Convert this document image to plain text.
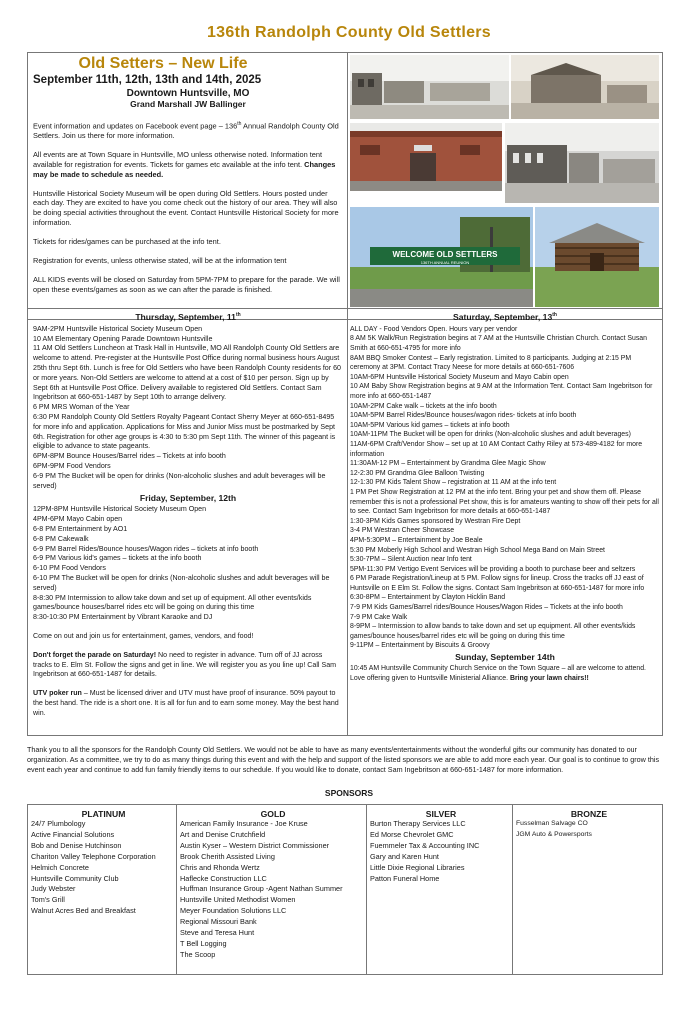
136th Randolph County Old Settlers
Old Setters – New Life
September 11th, 12th, 13th and 14th, 2025
Downtown Huntsville, MO
Grand Marshall JW Ballinger

Event information and updates on Facebook event page – 136th Annual Randolph County Old Settlers. Join us there for more information.

All events are at Town Square in Huntsville, MO unless otherwise noted. Information tent available for registration for events. Tickets for games etc available at the info tent. Changes may be made to schedule as needed.

Huntsville Historical Society Museum will be open during Old Settlers. Hours posted under each day. They are excited to have you come check out the history of our area. They will also be doing special activities throughout the event. Contact Huntsville Historical Society for more information.

Tickets for rides/games can be purchased at the info tent.

Registration for events, unless otherwise stated, will be at the information tent

ALL KIDS events will be closed on Saturday from 5PM-7PM to prepare for the parade. We will open these events/games as soon as we can after the parade is finished.

WELCOME OLD SETTLERS
136TH ANNUAL REUNION
Thursday, September, 11th

9AM-2PM Huntsville Historical Society Museum Open

10 AM Elementary Opening Parade Downtown Huntsville

11 AM Old Settlers Luncheon at Trask Hall in Huntsville, MO All Randolph County Old Settlers are welcome to attend. Pre-register at the Huntsville Post Office during normal business hours August 25th thru Sept 6th. Lunch is free for Old Settlers who have been Randolph County residents for 60 or more years. Non-Old Settlers are welcome to attend at a cost of $10 per person. Sign up by Sept 6th at Huntsville Post Office. Delivery available to registered Old Settlers. Contact Sam Ingebritson at 660-651-1487 by Sept 10th to arrange delivery.

6 PM MRS Woman of the Year

6:30 PM Randolph County Old Settlers Royalty Pageant Contact Sherry Meyer at 660-651-8495 for more info and application. Applications for Miss and Junior Miss must be postmarked by Sept 6th. Registration for other age groups is 4:30 to 5:30 pm Sept 11th. The winner of this pageant is eligible to advance to state pageants.

6PM-8PM Bounce Houses/Barrel rides – Tickets at info booth

6PM-9PM Food Vendors

6-9 PM The Bucket will be open for drinks (Non-alcoholic slushes and adult beverages will be served)

Friday, September, 12th

12PM-8PM Huntsville Historical Society Museum Open

4PM-6PM Mayo Cabin open

6-8 PM Entertainment by AO1

6-8 PM Cakewalk

6-9 PM Barrel Rides/Bounce houses/Wagon rides – tickets at info booth

6-9 PM Various kid's games – tickets at the info booth

6-10 PM Food Vendors

6-10 PM The Bucket will be open for drinks (Non-alcoholic slushes and adult beverages will be served)

8-8:30 PM Intermission to allow take down and set up of equipment. All other events/kids games/bounce houses/barrel rides etc will be going on during this time

8:30-10:30 PM Entertainment by Vibrant Karaoke and DJ

Come on out and join us for entertainment, games, vendors, and food!

Don't forget the parade on Saturday! No need to register in advance. Turn off of JJ across tracks to E. Elm St. Follow the signs and get in line. We will register you as you line up! Call Sam Ingebritson at 660-651-1487 for details.

UTV poker run – Must be licensed driver and UTV must have proof of insurance. 50% payout to the best hand. The ride is a short one. It is all for fun and to earn some money. May the best hand win.

Saturday, September, 13th

ALL DAY - Food Vendors Open. Hours vary per vendor

8 AM 5K Walk/Run Registration begins at 7 AM at the Huntsville Christian Church. Contact Susan Smith at 660-651-4795 for more info

8AM BBQ Smoker Contest – Early registration. Limited to 8 participants. Judging at 2:15 PM ceremony at 3PM. Contact Tracy Neese for more details at 660-651-7606

10AM-6PM Huntsville Historical Society Museum and Mayo Cabin open

10 AM Baby Show Registration begins at 9 AM at the Information Tent. Contact Sam Ingebritson for more info at 660-651-1487

10AM-2PM Cake walk – tickets at the info booth

10AM-5PM Barrel Rides/Bounce houses/wagon rides- tickets at info booth

10AM-5PM Various kid games – tickets at info booth

10AM-11PM The Bucket will be open for drinks (Non-alcoholic slushes and adult beverages)

11AM-6PM Craft/Vendor Show – set up at 10 AM Contact Cathy Riley at 573-489-4182 for more information

11:30AM-12 PM – Entertainment by Grandma Glee Magic Show

12-2:30 PM Grandma Glee Balloon Twisting

12-1:30 PM Kids Talent Show – registration at 11 AM at the info tent

1 PM Pet Show Registration at 12 PM at the info tent. Bring your pet and show them off. Please remember this is not a professional Pet show, this is for amateurs wanting to show off their pets for all to see. Contact Sam Ingebritson for more details at 660-651-1487

1:30-3PM Kids Games sponsored by Westran Fire Dept

3-4 PM Westran Cheer Showcase

4PM-5:30PM – Entertainment by Joe Beale

5:30 PM Moberly High School and Westran High School Mega Band on Main Street

5:30-7PM – Silent Auction near Info tent

5PM-11:30 PM Vertigo Event Services will be providing a booth to purchase beer and seltzers

6 PM Parade Registration/Lineup at 5 PM. Follow signs for lineup. Cross the tracks off JJ east of Huntsville on E Elm St. Follow the signs. Contact Sam Ingebritson at 660-651-1487 for more info

6:30-8PM – Entertainment by Clayton Hicklin Band

7-9 PM Kids Games/Barrel rides/Bounce Houses/Wagon Rides – Tickets at the info booth

7-9 PM Cake Walk

8-9PM – Intermission to allow bands to take down and set up equipment. All other events/kids games/bounce houses/barrel rides etc will be going on during this time

9-11PM – Entertainment by Biscuits & Groovy

Sunday, September 14th

10:45 AM Huntsville Community Church Service on the Town Square – all are welcome to attend. Love offering given to Huntsville Ministerial Alliance. Bring your lawn chairs!!

Thank you to all the sponsors for the Randolph County Old Settlers. We would not be able to have as many events/entertainments without the wonderful gifts our community has donated to our organization. As a committee, we try to do as many things during this event and with the help and support of the listed sponsors we are able to add more each year. Our goal is to continue to grow this event each year and continue to add fun family friendly items to our schedule. If you would like to donate, contact Sam Ingebritson at 660-651-1487 for more information.
SPONSORS
PLATINUM
24/7 Plumbology
Active Financial Solutions
Bob and Denise Hutchinson
Chariton Valley Telephone Corporation
Helmich Concrete
Huntsville Community Club
Judy Webster
Tom's Grill
Walnut Acres Bed and Breakfast
GOLD
American Family Insurance - Joe Kruse
Art and Denise Crutchfield
Austin Kyser – Western District Commissioner
Brook Cherith Assisted Living
Chris and Rhonda Wertz
Haflecke Construction LLC
Huffman Insurance Group -Agent Nathan Summer
Huntsville United Methodist Women
Meyer Foundation Solutions LLC
Regional Missouri Bank
Steve and Teresa Hunt
T Bell Logging
The Scoop
SILVER
Burton Therapy Services LLC
Ed Morse Chevrolet GMC
Fuemmeler Tax & Accounting INC
Gary and Karen Hunt
Little Dixie Regional Libraries
Patton Funeral Home
BRONZE
Fusselman Salvage CO
JGM Auto & Powersports
